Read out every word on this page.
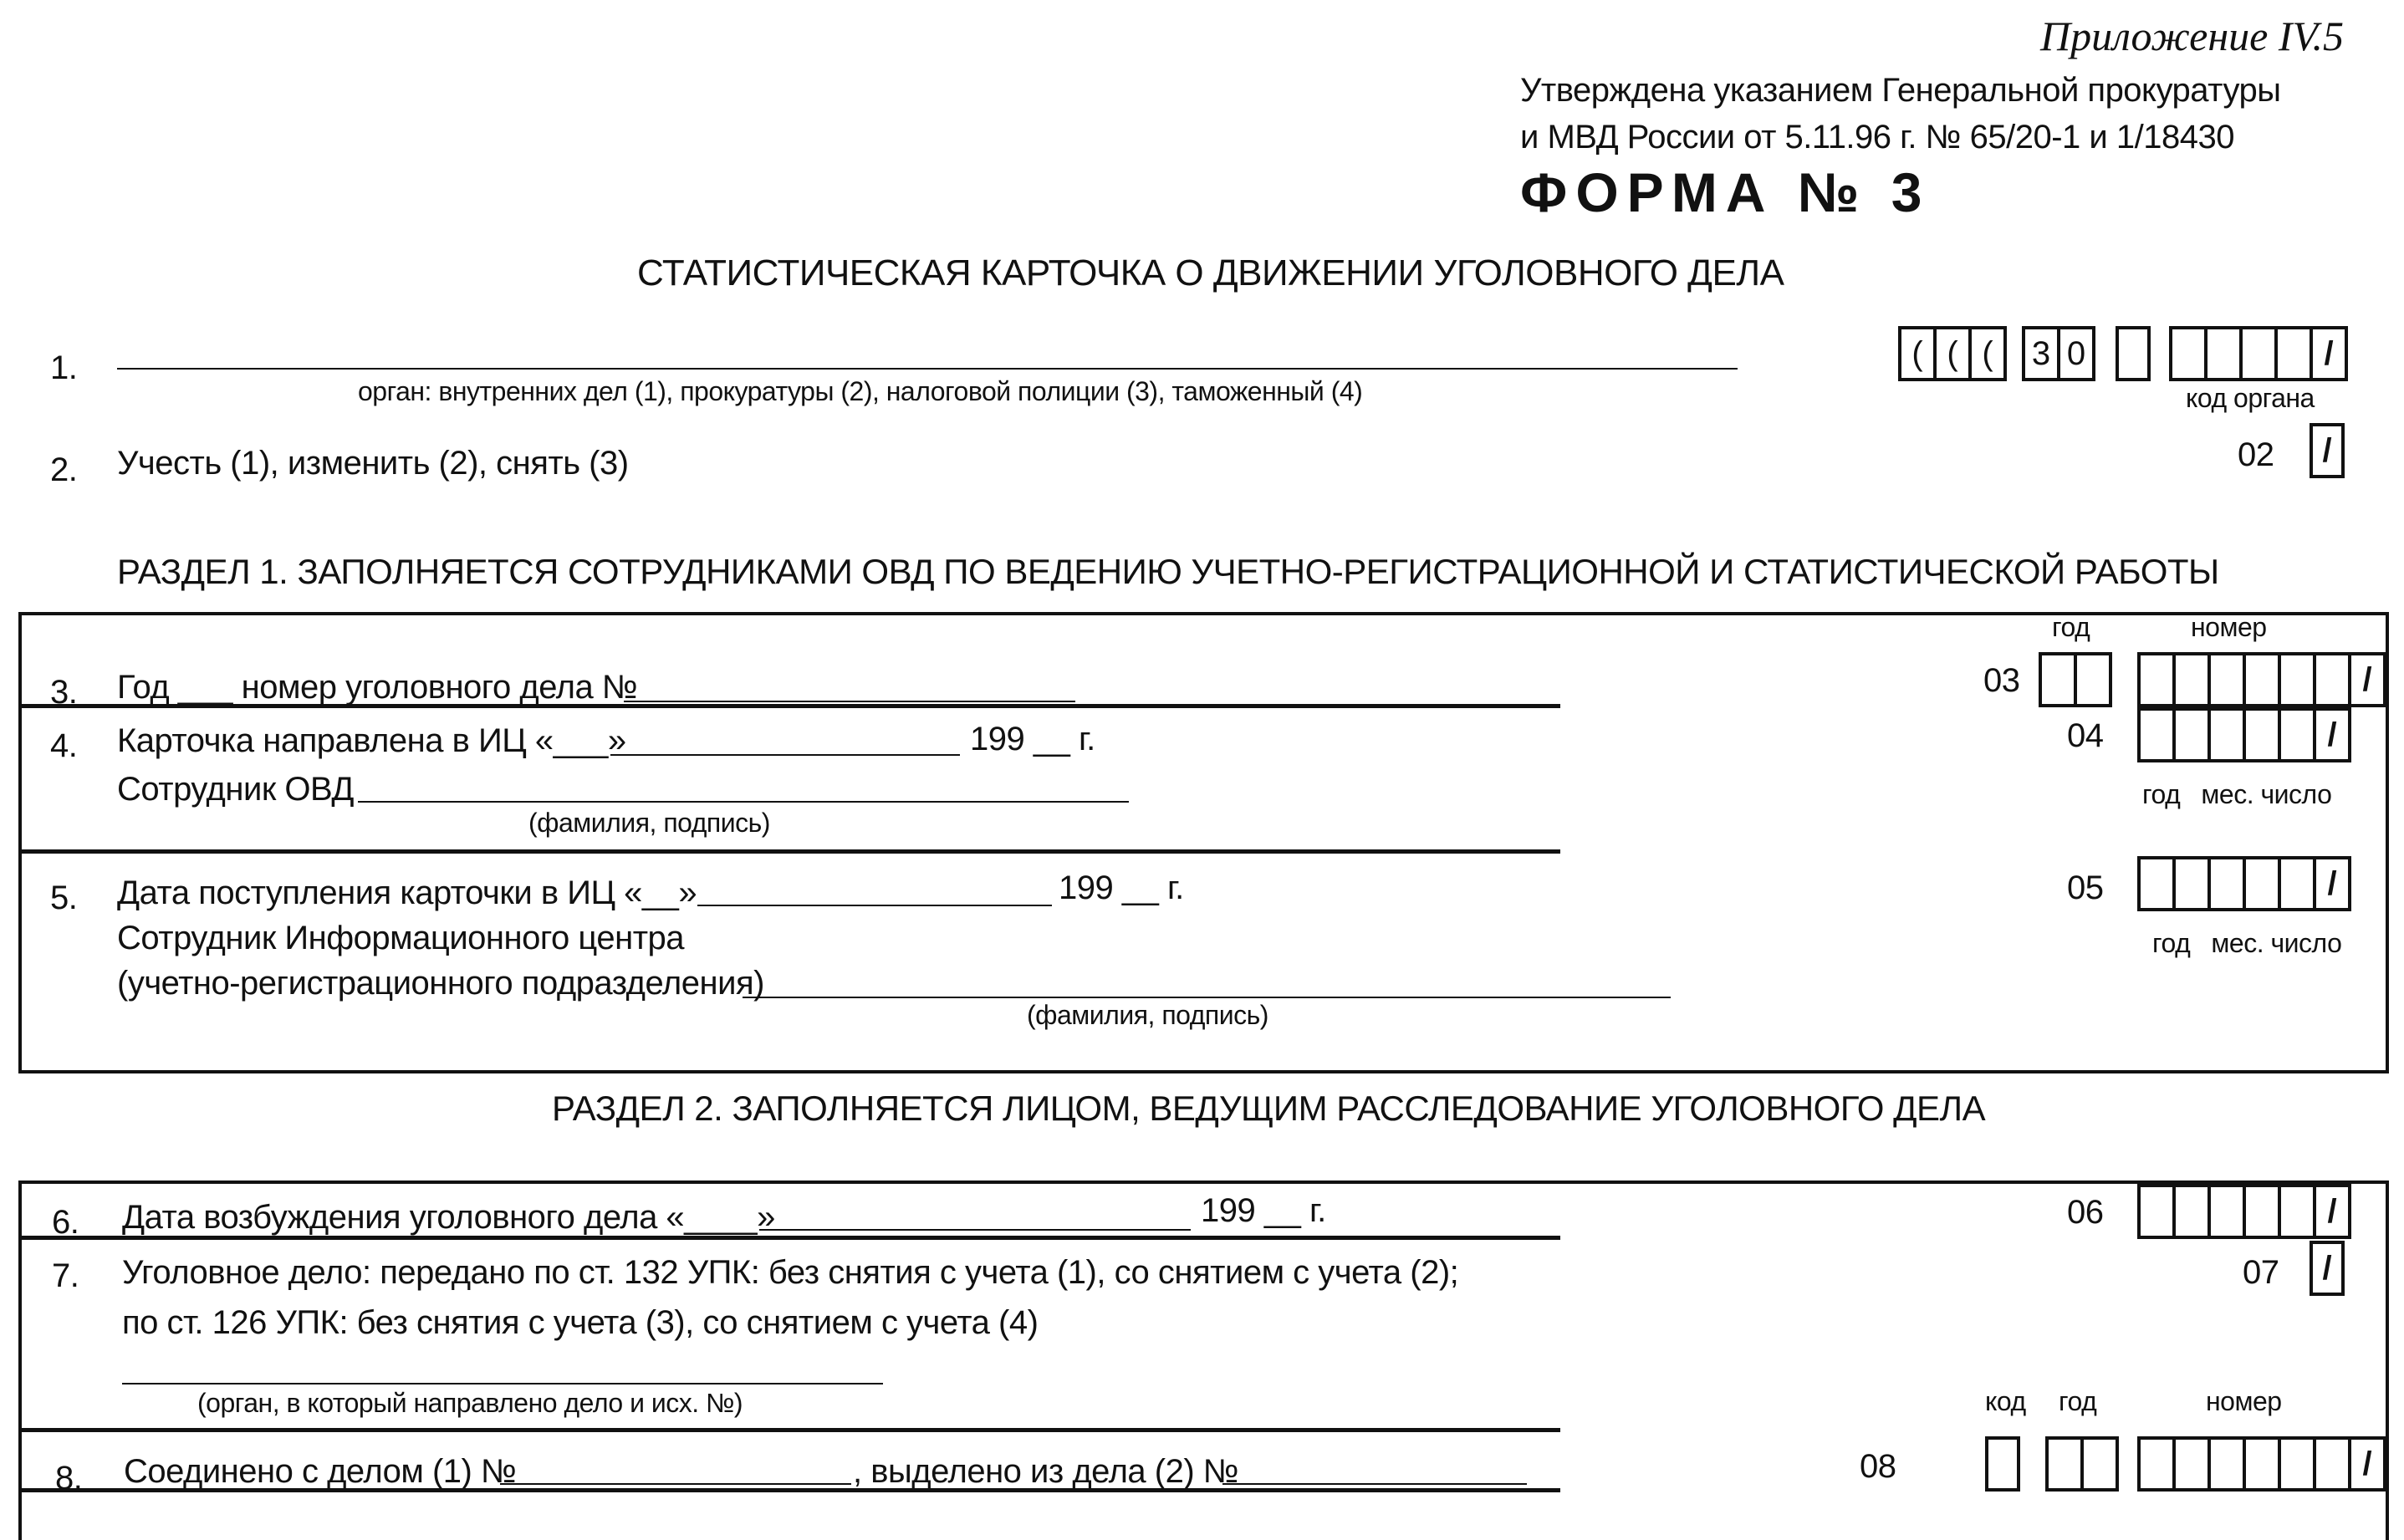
Приложение IV.5
Утверждена указанием Генеральной прокуратуры
и МВД России от 5.11.96 г. № 65/20-1 и 1/18430
ФОРМА № 3
СТАТИСТИЧЕСКАЯ КАРТОЧКА О ДВИЖЕНИИ УГОЛОВНОГО ДЕЛА
1.
орган: внутренних дел (1), прокуратуры (2), налоговой полиции (3), таможенный (4)
( ( (	3 0	/
код органа
2. Учесть (1), изменить (2), снять (3)	02	/
РАЗДЕЛ 1. ЗАПОЛНЯЕТСЯ СОТРУДНИКАМИ ОВД ПО ВЕДЕНИЮ УЧЕТНО-РЕГИСТРАЦИОННОЙ И СТАТИСТИЧЕСКОЙ РАБОТЫ
год	номер
3. Год ___ номер уголовного дела №	03	/
4. Карточка направлена в ИЦ «___»	199 __ г.	04	/
Сотрудник ОВД
(фамилия, подпись)
год   мес. число
5. Дата поступления карточки в ИЦ «__»	199 __ г.	05	/
Сотрудник Информационного центра
(учетно-регистрационного подразделения)
(фамилия, подпись)
год   мес. число
РАЗДЕЛ 2. ЗАПОЛНЯЕТСЯ ЛИЦОМ, ВЕДУЩИМ РАССЛЕДОВАНИЕ УГОЛОВНОГО ДЕЛА
6. Дата возбуждения уголовного дела «____»	199 __ г.	06	/
7. Уголовное дело: передано по ст. 132 УПК: без снятия с учета (1), со снятием с учета (2);
по ст. 126 УПК: без снятия с учета (3), со снятием с учета (4)
07	/
(орган, в который направлено дело и исх. №)	код год	номер
8. Соединено с делом (1) №	, выделено из дела (2) №	08	/
